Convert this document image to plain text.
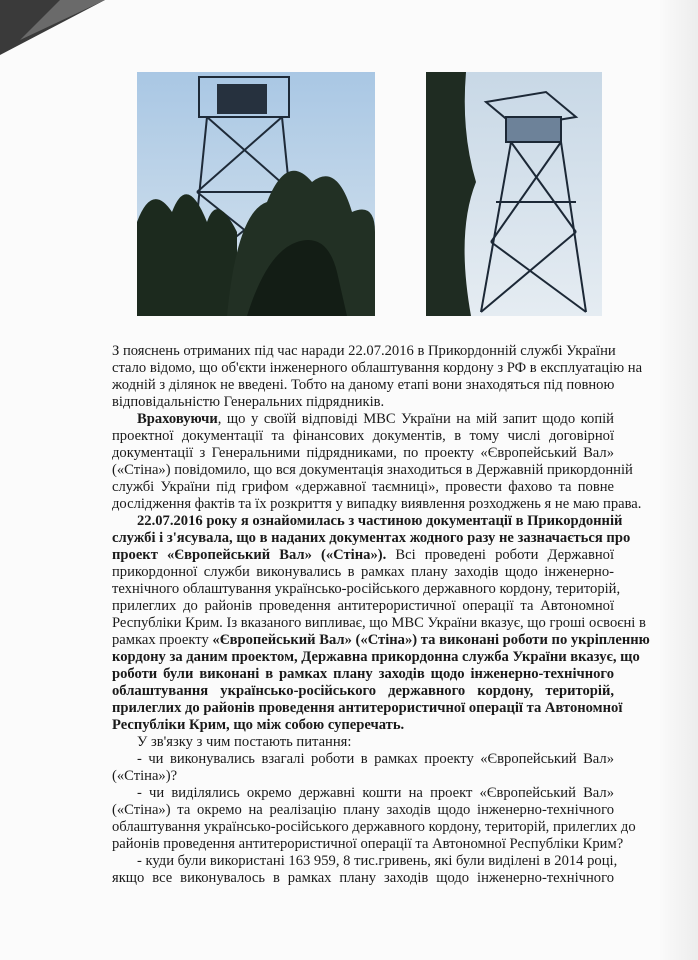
З пояснень отриманих під час наради 22.07.2016 в Прикордонній службі України
стало відомо, що об'єкти інженерного облаштування кордону з РФ в експлуатацію на
жодній з ділянок не введені. Тобто на даному етапі вони знаходяться під повною
відповідальністю Генеральних підрядників.
Враховуючи, що у своїй відповіді МВС України на мій запит щодо копій
проектної документації та фінансових документів, в тому числі договірної
документації з Генеральними підрядниками, по проекту «Європейський Вал»
(«Стіна») повідомило, що вся документація знаходиться в Державній прикордонній
службі України під грифом «державної таємниці», провести фахово та повне
дослідження фактів та їх розкриття у випадку виявлення розходжень я не маю права.
22.07.2016 року я ознайомилась з частиною документації в Прикордонній
службі і з'ясувала, що в наданих документах жодного разу не зазначається про
проект «Європейський Вал» («Стіна»). Всі проведені роботи Державної
прикордонної служби виконувались в рамках плану заходів щодо інженерно-
технічного облаштування українсько-російського державного кордону, територій,
прилеглих до районів проведення антитерористичної операції та Автономної
Республіки Крим. Із вказаного випливає, що МВС України вказує, що гроші освоєні в
рамках проекту «Європейський Вал» («Стіна») та виконані роботи по укріпленню
кордону за даним проектом, Державна прикордонна служба України вказує, що
роботи були виконані в рамках плану заходів щодо інженерно-технічного
облаштування українсько-російського державного кордону, територій,
прилеглих до районів проведення антитерористичної операції та Автономної
Республіки Крим, що між собою суперечать.
У зв'язку з чим постають питання:
- чи виконувались взагалі роботи в рамках проекту «Європейський Вал»
(«Стіна»)?
- чи виділялись окремо державні кошти на проект «Європейський Вал»
(«Стіна») та окремо на реалізацію плану заходів щодо інженерно-технічного
облаштування українсько-російського державного кордону, територій, прилеглих до
районів проведення антитерористичної операції та Автономної Республіки Крим?
- куди були використані 163 959, 8 тис.гривень, які були виділені в 2014 році,
якщо все виконувалось в рамках плану заходів щодо інженерно-технічного
